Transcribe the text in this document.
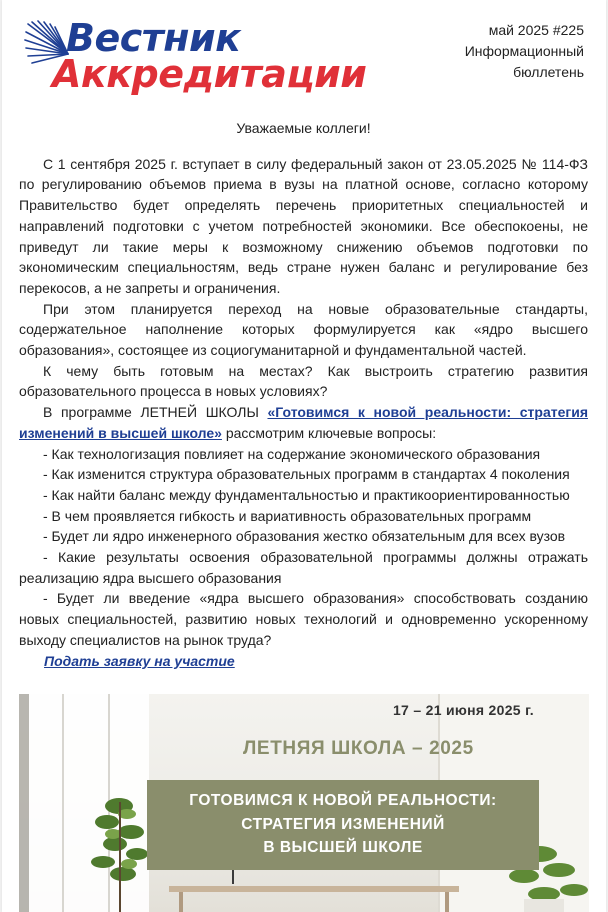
Вестник
Аккредитации
май 2025 #225
Информационный
бюллетень
Уважаемые коллеги!

С 1 сентября 2025 г. вступает в силу федеральный закон от 23.05.2025 № 114-ФЗ по регулированию объемов приема в вузы на платной основе, согласно которому Правительство будет определять перечень приоритетных специальностей и направлений подготовки с учетом потребностей экономики. Все обеспокоены, не приведут ли такие меры к возможному снижению объемов подготовки по экономическим специальностям, ведь стране нужен баланс и регулирование без перекосов, а не запреты и ограничения.

При этом планируется переход на новые образовательные стандарты, содержательное наполнение которых формулируется как «ядро высшего образования», состоящее из социогуманитарной и фундаментальной частей.

К чему быть готовым на местах? Как выстроить стратегию развития образовательного процесса в новых условиях?

В программе ЛЕТНЕЙ ШКОЛЫ «Готовимся к новой реальности: стратегия изменений в высшей школе» рассмотрим ключевые вопросы:

- Как технологизация повлияет на содержание экономического образования

- Как изменится структура образовательных программ в стандартах 4 поколения

- Как найти баланс между фундаментальностью и практикоориентированностью

- В чем проявляется гибкость и вариативность образовательных программ

- Будет ли ядро инженерного образования жестко обязательным для всех вузов

- Какие результаты освоения образовательной программы должны отражать реализацию ядра высшего образования

- Будет ли введение «ядра высшего образования» способствовать созданию новых специальностей, развитию новых технологий и одновременно ускоренному выходу специалистов на рынок труда?

Подать заявку на участие
17 – 21 июня 2025 г.
ЛЕТНЯЯ ШКОЛА – 2025
ГОТОВИМСЯ К НОВОЙ РЕАЛЬНОСТИ:
СТРАТЕГИЯ ИЗМЕНЕНИЙ
В ВЫСШЕЙ ШКОЛЕ
